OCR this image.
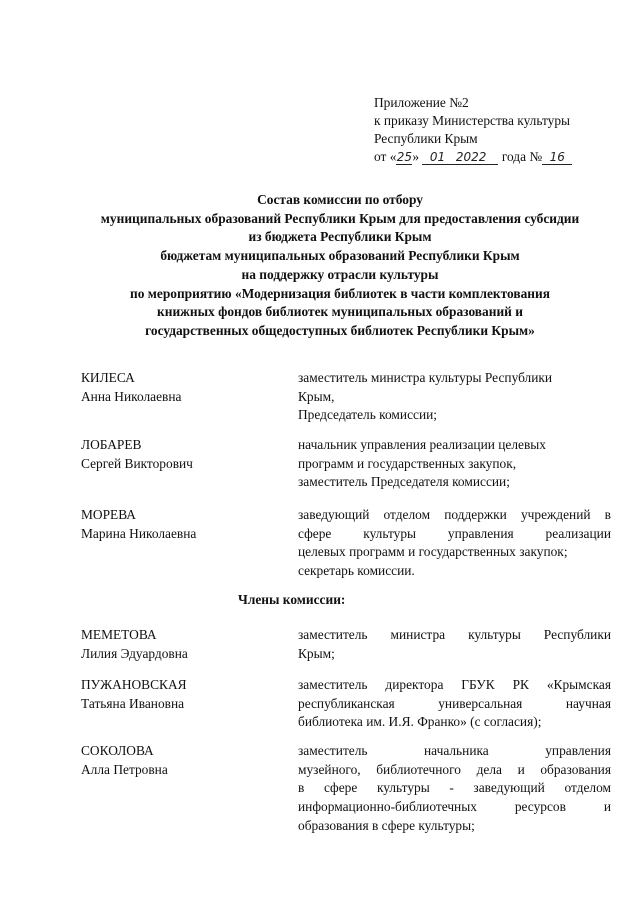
Приложение №2
к приказу Министерства культуры
Республики Крым
от «25» 01 2022 года № 16
Состав комиссии по отбору
муниципальных образований Республики Крым для предоставления субсидии
из бюджета Республики Крым
бюджетам муниципальных образований Республики Крым
на поддержку отрасли культуры
по мероприятию «Модернизация библиотек в части комплектования
книжных фондов библиотек муниципальных образований и
государственных общедоступных библиотек Республики Крым»
КИЛЕСА
Анна Николаевна
заместитель министра культуры Республики
Крым,
Председатель комиссии;
ЛОБАРЕВ
Сергей Викторович
начальник управления реализации целевых
программ и государственных закупок,
заместитель Председателя комиссии;
МОРЕВА
Марина Николаевна
заведующий отделом поддержки учреждений в
сфере культуры управления реализации
целевых программ и государственных закупок;
секретарь комиссии.
Члены комиссии:
МЕМЕТОВА
Лилия Эдуардовна
заместитель министра культуры Республики
Крым;
ПУЖАНОВСКАЯ
Татьяна Ивановна
заместитель директора ГБУК РК «Крымская
республиканская универсальная научная
библиотека им. И.Я. Франко» (с согласия);
СОКОЛОВА
Алла Петровна
заместитель начальника управления
музейного, библиотечного дела и образования
в сфере культуры - заведующий отделом
информационно-библиотечных ресурсов и
образования в сфере культуры;
